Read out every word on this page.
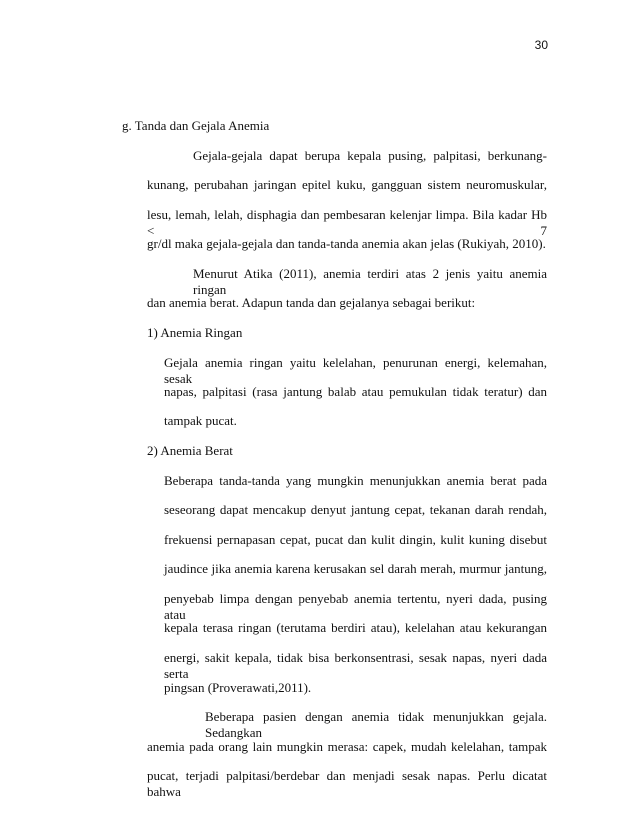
30
g. Tanda dan Gejala Anemia
Gejala-gejala dapat berupa kepala pusing, palpitasi, berkunang-
kunang, perubahan jaringan epitel kuku, gangguan sistem neuromuskular,
lesu, lemah, lelah, disphagia dan pembesaran kelenjar limpa. Bila kadar Hb < 7
gr/dl maka gejala-gejala dan tanda-tanda anemia akan jelas (Rukiyah, 2010).
Menurut Atika (2011), anemia terdiri atas 2 jenis yaitu anemia ringan
dan anemia berat. Adapun tanda dan gejalanya sebagai berikut:
1) Anemia Ringan
Gejala anemia ringan yaitu kelelahan, penurunan energi, kelemahan, sesak
napas, palpitasi (rasa jantung balab atau pemukulan tidak teratur) dan
tampak pucat.
2) Anemia Berat
Beberapa tanda-tanda yang mungkin menunjukkan anemia berat pada
seseorang dapat mencakup denyut jantung cepat, tekanan darah rendah,
frekuensi pernapasan cepat, pucat dan kulit dingin, kulit kuning disebut
jaudince jika anemia karena kerusakan sel darah merah, murmur jantung,
penyebab limpa dengan penyebab anemia tertentu, nyeri dada, pusing atau
kepala terasa ringan (terutama berdiri atau), kelelahan atau kekurangan
energi, sakit kepala, tidak bisa berkonsentrasi, sesak napas, nyeri dada serta
pingsan (Proverawati,2011).
Beberapa pasien dengan anemia tidak menunjukkan gejala. Sedangkan
anemia pada orang lain mungkin merasa: capek, mudah kelelahan, tampak
pucat, terjadi palpitasi/berdebar dan menjadi sesak napas. Perlu dicatat bahwa
